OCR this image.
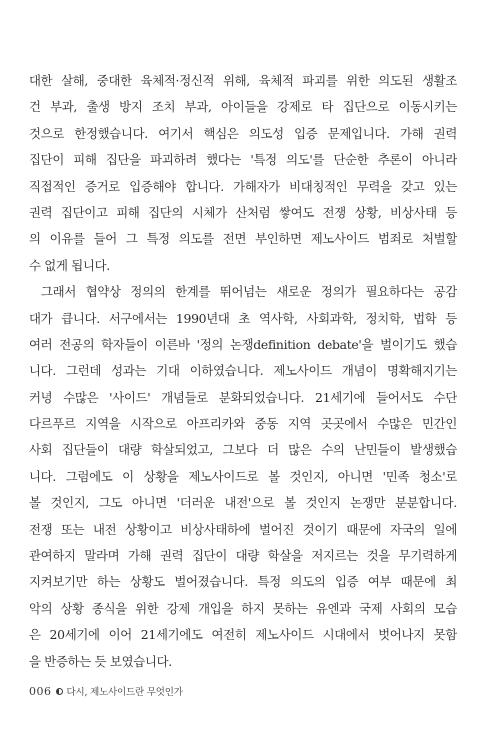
대한 살해, 중대한 육체적·정신적 위해, 육체적 파괴를 위한 의도된 생활조
건 부과, 출생 방지 조치 부과, 아이들을 강제로 타 집단으로 이동시키는
것으로 한정했습니다. 여기서 핵심은 의도성 입증 문제입니다. 가해 권력
집단이 피해 집단을 파괴하려 했다는 '특정 의도'를 단순한 추론이 아니라
직접적인 증거로 입증해야 합니다. 가해자가 비대칭적인 무력을 갖고 있는
권력 집단이고 피해 집단의 시체가 산처럼 쌓여도 전쟁 상황, 비상사태 등
의 이유를 들어 그 특정 의도를 전면 부인하면 제노사이드 범죄로 처벌할
수 없게 됩니다.
그래서 협약상 정의의 한계를 뛰어넘는 새로운 정의가 필요하다는 공감
대가 큽니다. 서구에서는 1990년대 초 역사학, 사회과학, 정치학, 법학 등
여러 전공의 학자들이 이른바 '정의 논쟁definition debate'을 벌이기도 했습
니다. 그런데 성과는 기대 이하였습니다. 제노사이드 개념이 명확해지기는
커녕 수많은 '사이드' 개념들로 분화되었습니다. 21세기에 들어서도 수단
다르푸르 지역을 시작으로 아프리카와 중동 지역 곳곳에서 수많은 민간인
사회 집단들이 대량 학살되었고, 그보다 더 많은 수의 난민들이 발생했습
니다. 그럼에도 이 상황을 제노사이드로 볼 것인지, 아니면 '민족 청소'로
볼 것인지, 그도 아니면 '더러운 내전'으로 볼 것인지 논쟁만 분분합니다.
전쟁 또는 내전 상황이고 비상사태하에 벌어진 것이기 때문에 자국의 일에
관여하지 말라며 가해 권력 집단이 대량 학살을 저지르는 것을 무기력하게
지켜보기만 하는 상황도 벌어졌습니다. 특정 의도의 입증 여부 때문에 최
악의 상황 종식을 위한 강제 개입을 하지 못하는 유엔과 국제 사회의 모습
은 20세기에 이어 21세기에도 여전히 제노사이드 시대에서 벗어나지 못함
을 반증하는 듯 보였습니다.
006 다시, 제노사이드란 무엇인가
